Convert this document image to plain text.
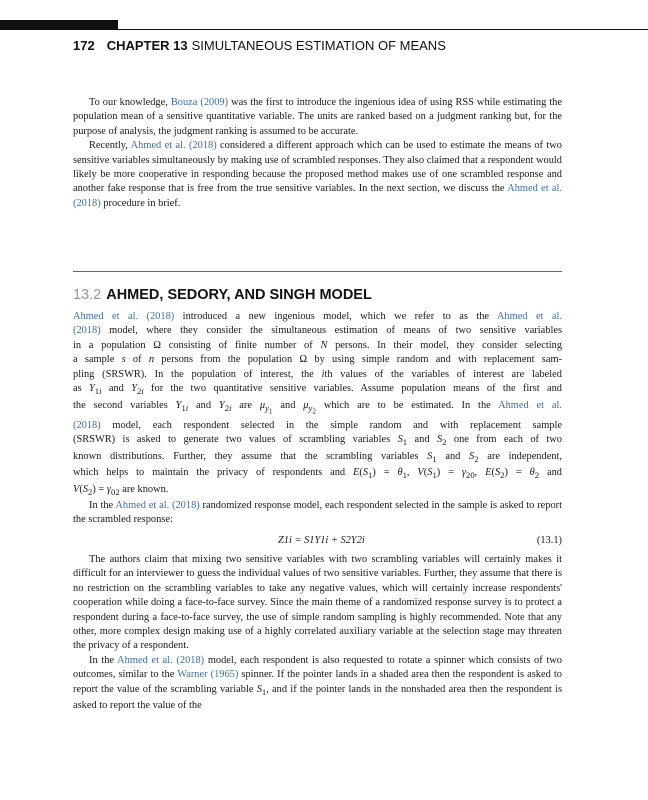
172 CHAPTER 13 SIMULTANEOUS ESTIMATION OF MEANS

To our knowledge, Bouza (2009) was the first to introduce the ingenious idea of using RSS while estimating the population mean of a sensitive quantitative variable. The units are ranked based on a judgment ranking but, for the purpose of analysis, the judgment ranking is assumed to be accurate.

Recently, Ahmed et al. (2018) considered a different approach which can be used to estimate the means of two sensitive variables simultaneously by making use of scrambled responses. They also claimed that a respondent would likely be more cooperative in responding because the proposed method makes use of one scrambled response and another fake response that is free from the true sensitive variables. In the next section, we discuss the Ahmed et al. (2018) procedure in brief.

13.2 AHMED, SEDORY, AND SINGH MODEL

Ahmed et al. (2018) introduced a new ingenious model, which we refer to as the Ahmed et al.
(2018) model, where they consider the simultaneous estimation of means of two sensitive variables
in a population Ω consisting of finite number of N persons. In their model, they consider selecting
a sample s of n persons from the population Ω by using simple random and with replacement sam-
pling (SRSWR). In the population of interest, the ith values of the variables of interest are labeled
as $Y_{1i}$ and $Y_{2i}$ for the two quantitative sensitive variables. Assume population means of the first and
the second variables $Y_{1i}$ and $Y_{2i}$ are $\mu_{y_1}$ and $\mu_{y_2}$ which are to be estimated. In the Ahmed et al.
(2018) model, each respondent selected in the simple random and with replacement sample
(SRSWR) is asked to generate two values of scrambling variables $S_1$ and $S_2$ one from each of two
known distributions. Further, they assume that the scrambling variables $S_1$ and $S_2$ are independent,
which helps to maintain the privacy of respondents and $E(S_1) = \theta_1$, $V(S_1) = \gamma_{20}$, $E(S_2) = \theta_2$ and
$V(S_2) = \gamma_{02}$ are known.

In the Ahmed et al. (2018) randomized response model, each respondent selected in the sample is asked to report the scrambled response:

Z1i = S1Y1i + S2Y2i	(13.1)

The authors claim that mixing two sensitive variables with two scrambling variables will certainly makes it difficult for an interviewer to guess the individual values of two sensitive variables. Further, they assume that there is no restriction on the scrambling variables to take any negative values, which will certainly increase respondents' cooperation while doing a face-to-face survey. Since the main theme of a randomized response survey is to protect a respondent during a face-to-face survey, the use of simple random sampling is highly recommended. Note that any other, more complex design making use of a highly correlated auxiliary variable at the selection stage may threaten the privacy of a respondent.

In the Ahmed et al. (2018) model, each respondent is also requested to rotate a spinner which consists of two outcomes, similar to the Warner (1965) spinner. If the pointer lands in a shaded area then the respondent is asked to report the value of the scrambling variable $S_1$, and if the pointer lands in the nonshaded area then the respondent is asked to report the value of the
